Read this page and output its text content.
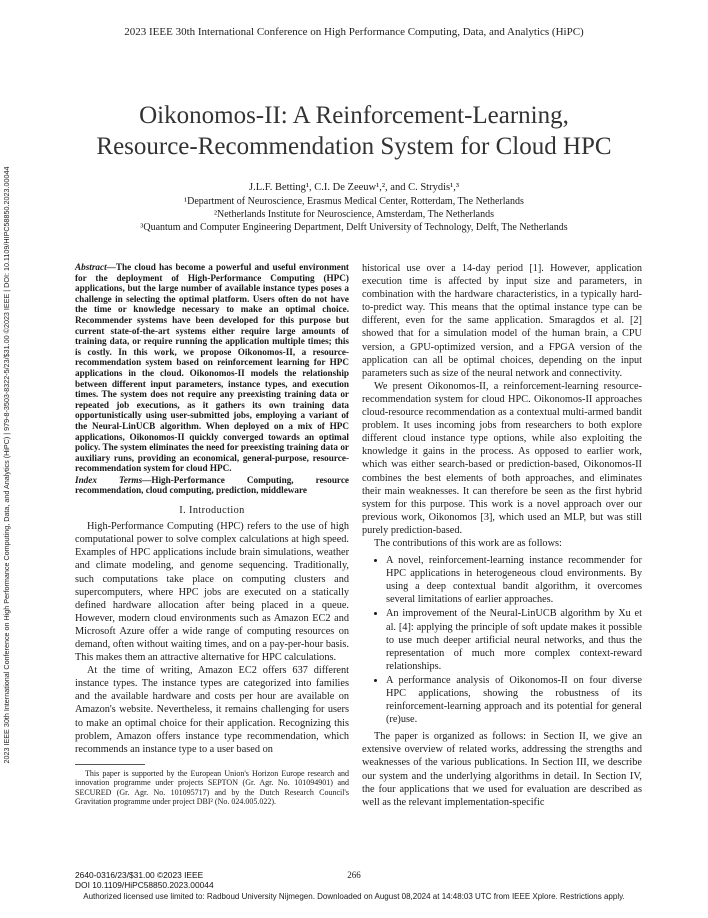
2023 IEEE 30th International Conference on High Performance Computing, Data, and Analytics (HiPC)
Oikonomos-II: A Reinforcement-Learning,
Resource-Recommendation System for Cloud HPC
J.L.F. Betting¹, C.I. De Zeeuw¹,², and C. Strydis¹,³
¹Department of Neuroscience, Erasmus Medical Center, Rotterdam, The Netherlands
²Netherlands Institute for Neuroscience, Amsterdam, The Netherlands
³Quantum and Computer Engineering Department, Delft University of Technology, Delft, The Netherlands
2023 IEEE 30th International Conference on High Performance Computing, Data, and Analytics (HiPC) | 979-8-3503-8322-5/23/$31.00 ©2023 IEEE | DOI: 10.1109/HIPC58850.2023.00044	Abstract—The cloud has become a powerful and useful environment for the deployment of High-Performance Computing (HPC) applications, but the large number of available instance types poses a challenge in selecting the optimal platform. Users often do not have the time or knowledge necessary to make an optimal choice. Recommender systems have been developed for this purpose but current state-of-the-art systems either require large amounts of training data, or require running the application multiple times; this is costly. In this work, we propose Oikonomos-II, a resource-recommendation system based on reinforcement learning for HPC applications in the cloud. Oikonomos-II models the relationship between different input parameters, instance types, and execution times. The system does not require any preexisting training data or repeated job executions, as it gathers its own training data opportunistically using user-submitted jobs, employing a variant of the Neural-LinUCB algorithm. When deployed on a mix of HPC applications, Oikonomos-II quickly converged towards an optimal policy. The system eliminates the need for preexisting training data or auxiliary runs, providing an economical, general-purpose, resource-recommendation system for cloud HPC.
Index Terms—High-Performance Computing, resource recommendation, cloud computing, prediction, middleware
I. Introduction

High-Performance Computing (HPC) refers to the use of high computational power to solve complex calculations at high speed. Examples of HPC applications include brain simulations, weather and climate modeling, and genome sequencing. Traditionally, such computations take place on computing clusters and supercomputers, where HPC jobs are executed on a statically defined hardware allocation after being placed in a queue. However, modern cloud environments such as Amazon EC2 and Microsoft Azure offer a wide range of computing resources on demand, often without waiting times, and on a pay-per-hour basis. This makes them an attractive alternative for HPC calculations.

At the time of writing, Amazon EC2 offers 637 different instance types. The instance types are categorized into families and the available hardware and costs per hour are available on Amazon's website. Nevertheless, it remains challenging for users to make an optimal choice for their application. Recognizing this problem, Amazon offers instance type recommendation, which recommends an instance type to a user based on

This paper is supported by the European Union's Horizon Europe research and innovation programme under projects SEPTON (Gr. Agr. No. 101094901) and SECURED (Gr. Agr. No. 101095717) and by the Dutch Research Council's Gravitation programme under project DBI² (No. 024.005.022).

historical use over a 14-day period [1]. However, application execution time is affected by input size and parameters, in combination with the hardware characteristics, in a typically hard-to-predict way. This means that the optimal instance type can be different, even for the same application. Smaragdos et al. [2] showed that for a simulation model of the human brain, a CPU version, a GPU-optimized version, and a FPGA version of the application can all be optimal choices, depending on the input parameters such as size of the neural network and connectivity.

We present Oikonomos-II, a reinforcement-learning resource-recommendation system for cloud HPC. Oikonomos-II approaches cloud-resource recommendation as a contextual multi-armed bandit problem. It uses incoming jobs from researchers to both explore different cloud instance type options, while also exploiting the knowledge it gains in the process. As opposed to earlier work, which was either search-based or prediction-based, Oikonomos-II combines the best elements of both approaches, and eliminates their main weaknesses. It can therefore be seen as the first hybrid system for this purpose. This work is a novel approach over our previous work, Oikonomos [3], which used an MLP, but was still purely prediction-based.

The contributions of this work are as follows:

• A novel, reinforcement-learning instance recommender for HPC applications in heterogeneous cloud environments. By using a deep contextual bandit algorithm, it overcomes several limitations of earlier approaches.
• An improvement of the Neural-LinUCB algorithm by Xu et al. [4]: applying the principle of soft update makes it possible to use much deeper artificial neural networks, and thus the representation of much more complex context-reward relationships.
• A performance analysis of Oikonomos-II on four diverse HPC applications, showing the robustness of its reinforcement-learning approach and its potential for general (re)use.

The paper is organized as follows: in Section II, we give an extensive overview of related works, addressing the strengths and weaknesses of the various publications. In Section III, we describe our system and the underlying algorithms in detail. In Section IV, the four applications that we used for evaluation are described as well as the relevant implementation-specific

2640-0316/23/$31.00 ©2023 IEEE
DOI 10.1109/HiPC58850.2023.00044
266
Authorized licensed use limited to: Radboud University Nijmegen. Downloaded on August 08,2024 at 14:48:03 UTC from IEEE Xplore. Restrictions apply.
